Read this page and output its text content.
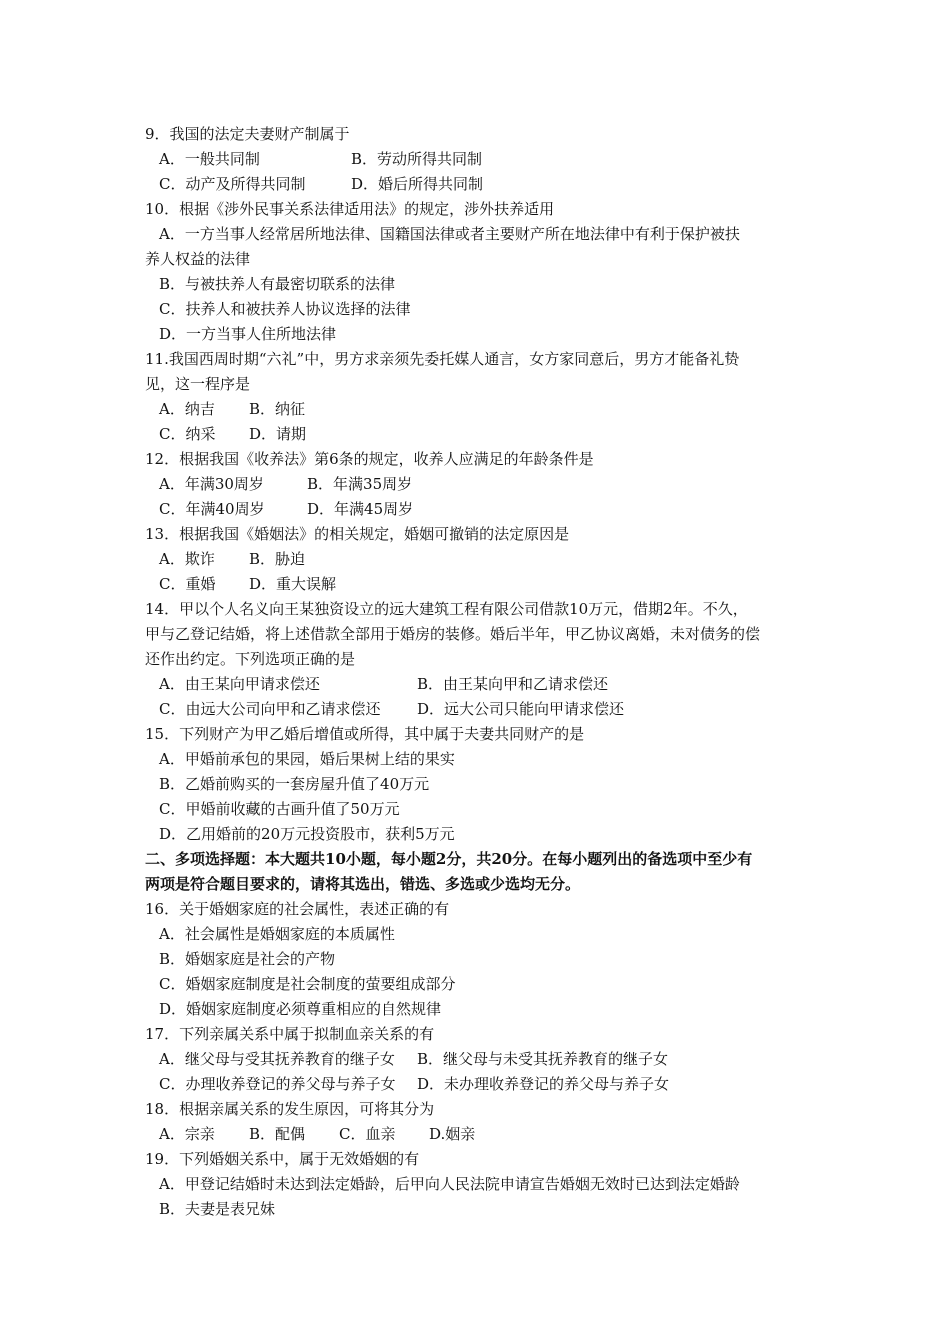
9．我国的法定夫妻财产制属于
A．一般共同制	B．劳动所得共同制
C．动产及所得共同制	D．婚后所得共同制
10．根据《涉外民事关系法律适用法》的规定，涉外扶养适用
A．一方当事人经常居所地法律、国籍国法律或者主要财产所在地法律中有利于保护被扶
养人权益的法律
B．与被扶养人有最密切联系的法律
C．扶养人和被扶养人协议选择的法律
D．一方当事人住所地法律
11.我国西周时期“六礼”中，男方求亲须先委托媒人通言，女方家同意后，男方才能备礼贽
见，这一程序是
A．纳吉 B．纳征
C．纳采 D．请期
12．根据我国《收养法》第6条的规定，收养人应满足的年龄条件是
A．年满30周岁	B．年满35周岁
C．年满40周岁	D．年满45周岁
13．根据我国《婚姻法》的相关规定，婚姻可撤销的法定原因是
A．欺诈 B．胁迫
C．重婚 D．重大误解
14．甲以个人名义向王某独资设立的远大建筑工程有限公司借款10万元，借期2年。不久，
甲与乙登记结婚，将上述借款全部用于婚房的装修。婚后半年，甲乙协议离婚，未对债务的偿
还作出约定。下列选项正确的是
A．由王某向甲请求偿还	B．由王某向甲和乙请求偿还
C．由远大公司向甲和乙请求偿还 D．远大公司只能向甲请求偿还
15．下列财产为甲乙婚后增值或所得，其中属于夫妻共同财产的是
A．甲婚前承包的果园，婚后果树上结的果实
B．乙婚前购买的一套房屋升值了40万元
C．甲婚前收藏的古画升值了50万元
D．乙用婚前的20万元投资股市，获利5万元
二、多项选择题：本大题共10小题，每小题2分，共20分。在每小题列出的备选项中至少有
两项是符合题目要求的，请将其选出，错选、多选或少选均无分。
16．关于婚姻家庭的社会属性，表述正确的有
A．社会属性是婚姻家庭的本质属性
B．婚姻家庭是社会的产物
C．婚姻家庭制度是社会制度的萤要组成部分
D．婚姻家庭制度必须尊重相应的自然规律
17．下列亲属关系中属于拟制血亲关系的有
A．继父母与受其抚养教育的继子女 B．继父母与未受其抚养教育的继子女
C．办理收养登记的养父母与养子女 D．未办理收养登记的养父母与养子女
18．根据亲属关系的发生原因，可将其分为
A．宗亲 B．配偶 C．血亲 D.姻亲
19．下列婚姻关系中，属于无效婚姻的有
A．甲登记结婚时未达到法定婚龄，后甲向人民法院申请宣告婚姻无效时已达到法定婚龄
B．夫妻是表兄妹
